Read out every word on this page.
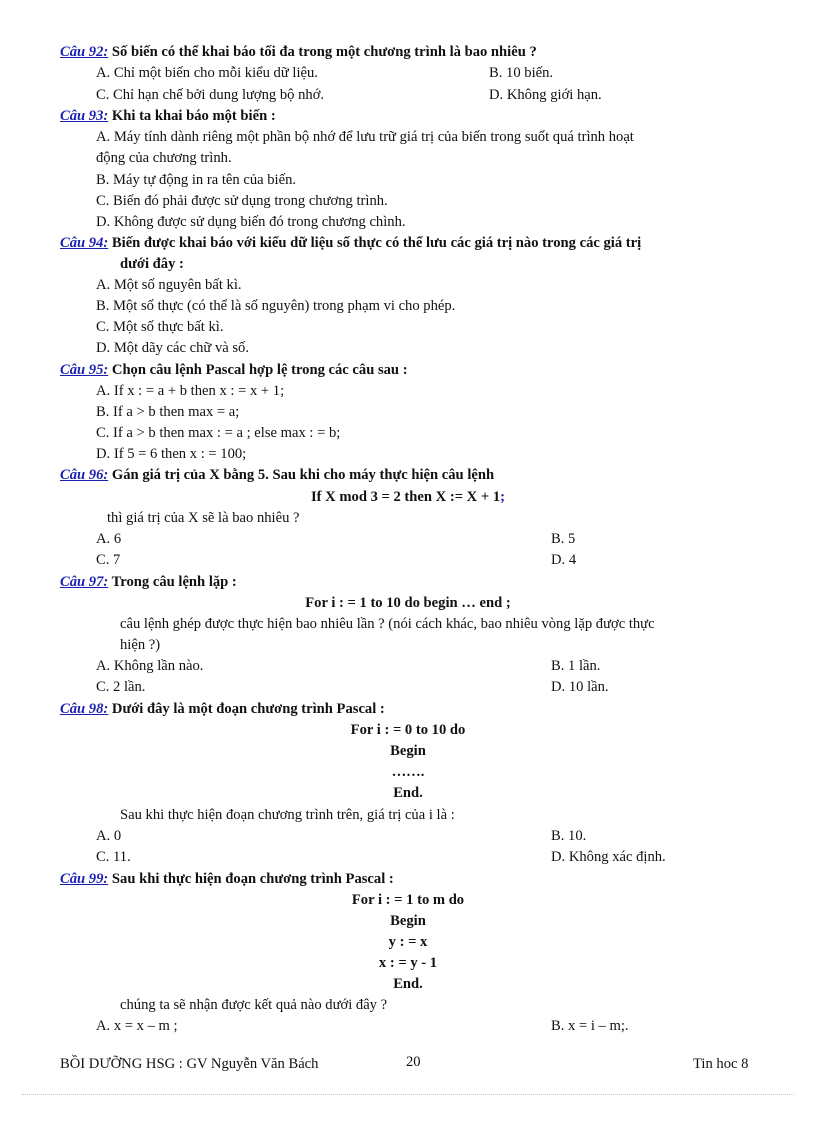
Câu 92: Số biến có thể khai báo tối đa trong một chương trình là bao nhiêu ?
A. Chỉ một biến cho mỗi kiểu dữ liệu.	B. 10 biến.
C. Chỉ hạn chế bởi dung lượng bộ nhớ.	D. Không giới hạn.
Câu 93: Khi ta khai báo một biến :
A. Máy tính dành riêng một phần bộ nhớ để lưu trữ giá trị của biến trong suốt quá trình hoạt
động của chương trình.
B. Máy tự động in ra tên của biến.
C. Biến đó phải được sử dụng trong chương trình.
D. Không được sử dụng biến đó trong chương chình.
Câu 94: Biến được khai báo với kiểu dữ liệu số thực có thể lưu các giá trị nào trong các giá trị
dưới đây :
A. Một số nguyên bất kì.
B. Một số thực (có thể là số nguyên) trong phạm vi cho phép.
C. Một số thực bất kì.
D. Một dãy các chữ và số.
Câu 95: Chọn câu lệnh Pascal hợp lệ trong các câu sau :
A. If x : = a + b then x : = x + 1;
B. If a > b then max = a;
C. If a > b then max : = a ; else max : = b;
D. If 5 = 6 then x : = 100;
Câu 96: Gán giá trị của X bằng 5. Sau khi cho máy thực hiện câu lệnh
If X mod 3 = 2 then X := X + 1;
thì giá trị của X sẽ là bao nhiêu ?
A. 6	B. 5
C. 7	D. 4
Câu 97: Trong câu lệnh lặp :
For i : = 1 to 10 do begin … end ;
câu lệnh ghép được thực hiện bao nhiêu lần ? (nói cách khác, bao nhiêu vòng lặp được thực
hiện ?)
A. Không lần nào.	B. 1 lần.
C. 2 lần.	D. 10 lần.
Câu 98: Dưới đây là một đoạn chương trình Pascal :
For i : = 0 to 10 do
Begin
…….
End.
Sau khi thực hiện đoạn chương trình trên, giá trị của i là :
A. 0	B. 10.
C. 11.	D. Không xác định.
Câu 99: Sau khi thực hiện đoạn chương trình Pascal :
For i : = 1 to m do
Begin
y : = x
x : = y - 1
End.
chúng ta sẽ nhận được kết quả nào dưới đây ?
A. x = x – m ;	B. x = i – m;.
BỒI DƯỠNG HSG : GV Nguyễn Văn Bách	20	Tin hoc 8
